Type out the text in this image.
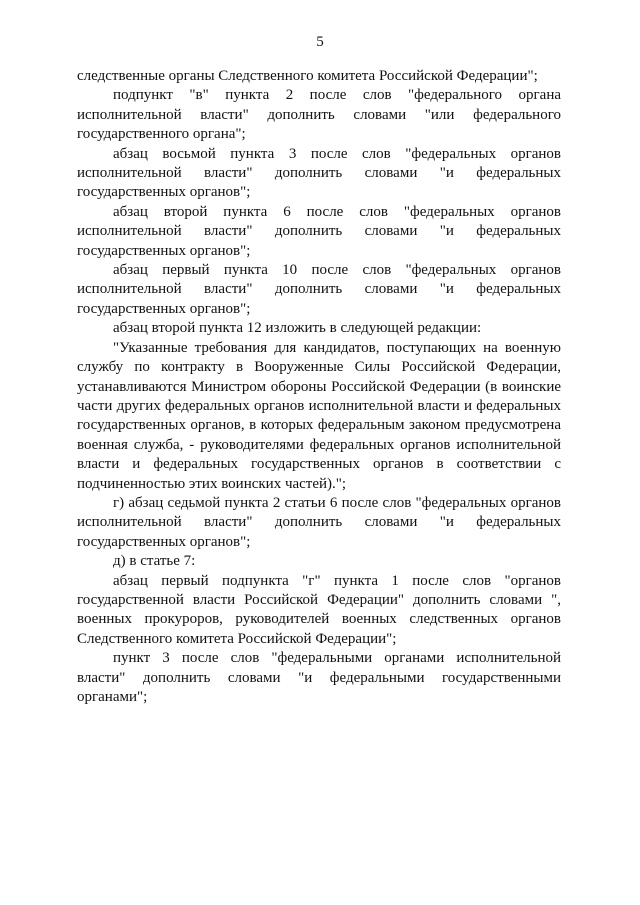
5

следственные органы Следственного комитета Российской Федерации";

подпункт "в" пункта 2 после слов "федерального органа исполнительной власти" дополнить словами "или федерального государственного органа";

абзац восьмой пункта 3 после слов "федеральных органов исполнительной власти" дополнить словами "и федеральных государственных органов";

абзац второй пункта 6 после слов "федеральных органов исполнительной власти" дополнить словами "и федеральных государственных органов";

абзац первый пункта 10 после слов "федеральных органов исполнительной власти" дополнить словами "и федеральных государственных органов";

абзац второй пункта 12 изложить в следующей редакции:

"Указанные требования для кандидатов, поступающих на военную службу по контракту в Вооруженные Силы Российской Федерации, устанавливаются Министром обороны Российской Федерации (в воинские части других федеральных органов исполнительной власти и федеральных государственных органов, в которых федеральным законом предусмотрена военная служба, - руководителями федеральных органов исполнительной власти и федеральных государственных органов в соответствии с подчиненностью этих воинских частей).";

г) абзац седьмой пункта 2 статьи 6 после слов "федеральных органов исполнительной власти" дополнить словами "и федеральных государственных органов";

д) в статье 7:

абзац первый подпункта "г" пункта 1 после слов "органов государственной власти Российской Федерации" дополнить словами ", военных прокуроров, руководителей военных следственных органов Следственного комитета Российской Федерации";

пункт 3 после слов "федеральными органами исполнительной власти" дополнить словами "и федеральными государственными органами";
